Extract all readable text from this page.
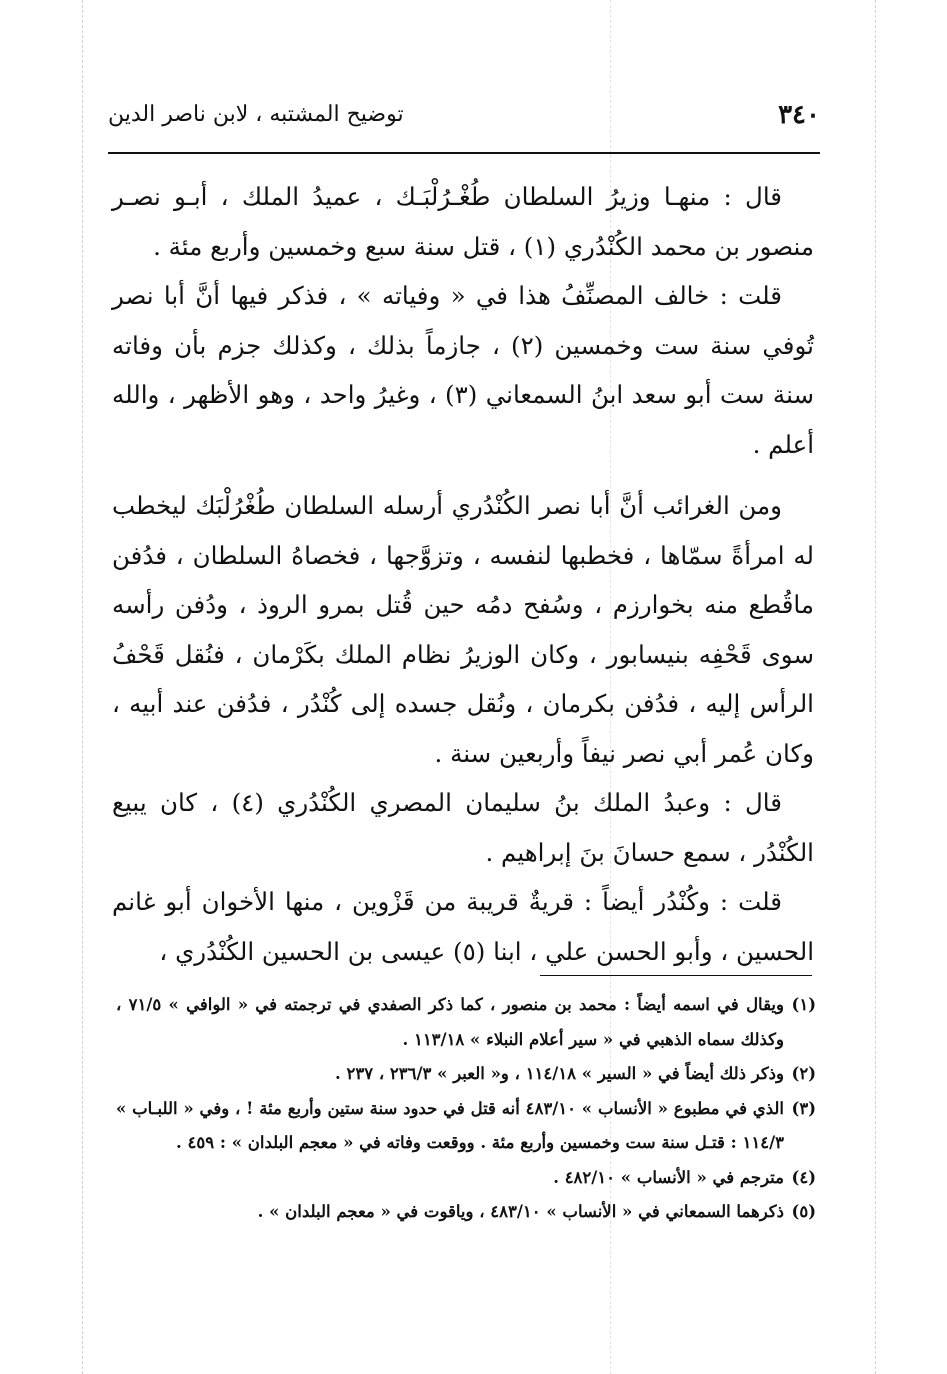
٣٤٠
توضيح المشتبه ، لابن ناصر الدين

قال : منهـا وزيرُ السلطان طُغْـرُلْبَـك ، عميدُ الملك ، أبـو نصـر منصور بن محمد الكُنْدُري (١) ، قتل سنة سبع وخمسين وأربع مئة .

قلت : خالف المصنِّفُ هذا في « وفياته » ، فذكر فيها أنَّ أبا نصر تُوفي سنة ست وخمسين (٢) ، جازماً بذلك ، وكذلك جزم بأن وفاته سنة ست أبو سعد ابنُ السمعاني (٣) ، وغيرُ واحد ، وهو الأظهر ، والله أعلم .

ومن الغرائب أنَّ أبا نصر الكُنْدُري أرسله السلطان طُغْرُلْبَك ليخطب له امرأةً سمّاها ، فخطبها لنفسه ، وتزوَّجها ، فخصاهُ السلطان ، فدُفن ماقُطع منه بخوارزم ، وسُفح دمُه حين قُتل بمرو الروذ ، ودُفن رأسه سوى قَحْفِه بنيسابور ، وكان الوزيرُ نظام الملك بكَرْمان ، فنُقل قَحْفُ الرأس إليه ، فدُفن بكرمان ، ونُقل جسده إلى كُنْدُر ، فدُفن عند أبيه ، وكان عُمر أبي نصر نيفاً وأربعين سنة .

قال : وعبدُ الملك بنُ سليمان المصري الكُنْدُري (٤) ، كان يبيع الكُنْدُر ، سمع حسانَ بنَ إبراهيم .

قلت : وكُنْدُر أيضاً : قريةٌ قريبة من قَزْوين ، منها الأخوان أبو غانم الحسين ، وأبو الحسن علي ، ابنا (٥) عيسى بن الحسين الكُنْدُري ،

(١)
ويقال في اسمه أيضاً : محمد بن منصور ، كما ذكر الصفدي في ترجمته في « الوافي » ٧١/٥ ، وكذلك سماه الذهبي في « سير أعلام النبلاء » ١١٣/١٨ .
(٢)
وذكر ذلك أيضاً في « السير » ١١٤/١٨ ، و« العبر » ٢٣٦/٣ ، ٢٣٧ .
(٣)
الذي في مطبوع « الأنساب » ٤٨٣/١٠ أنه قتل في حدود سنة ستين وأربع مئة ! ، وفي « اللبـاب » ١١٤/٣ : قتـل سنة ست وخمسين وأربع مئة . ووقعت وفاته في « معجم البلدان » : ٤٥٩ .
(٤)
مترجم في « الأنساب » ٤٨٢/١٠ .
(٥)
ذكرهما السمعاني في « الأنساب » ٤٨٣/١٠ ، وياقوت في « معجم البلدان » .
